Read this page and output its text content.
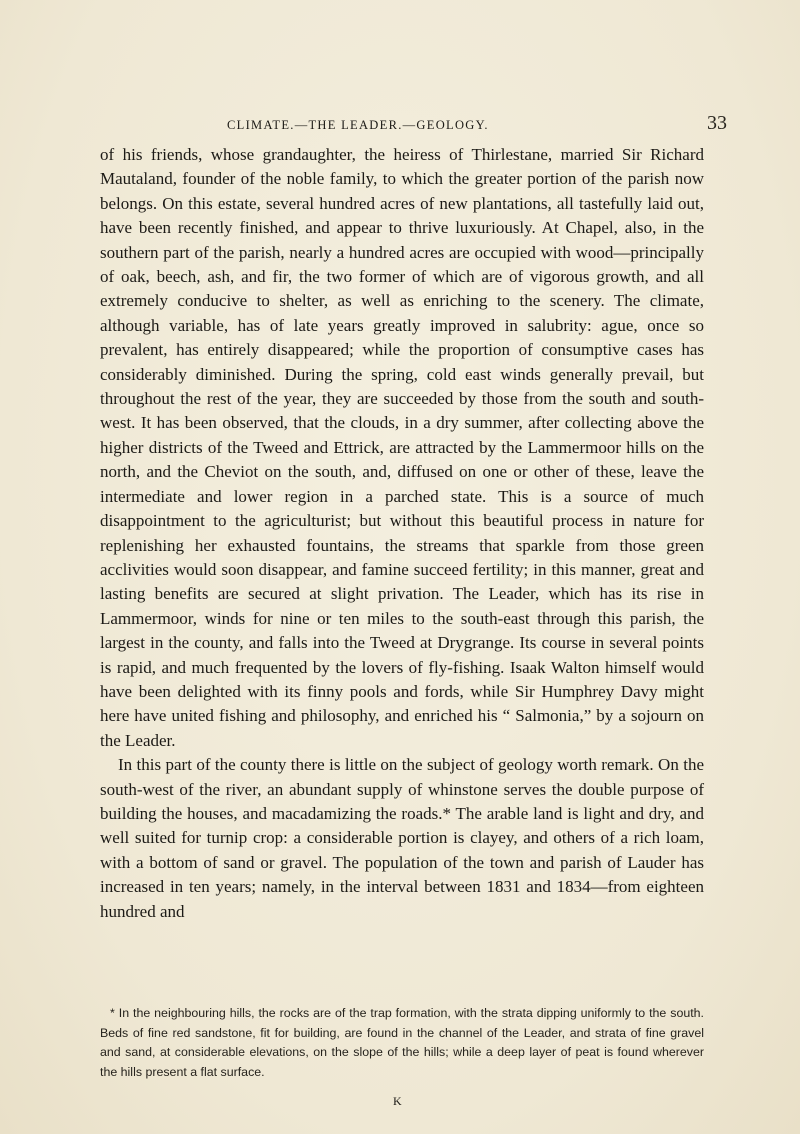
CLIMATE.—THE LEADER.—GEOLOGY.	33

of his friends, whose grandaughter, the heiress of Thirlestane, married Sir Richard Mautaland, founder of the noble family, to which the greater portion of the parish now belongs. On this estate, several hundred acres of new plantations, all tastefully laid out, have been recently finished, and appear to thrive luxuriously. At Chapel, also, in the southern part of the parish, nearly a hundred acres are occupied with wood—principally of oak, beech, ash, and fir, the two former of which are of vigorous growth, and all extremely conducive to shelter, as well as enriching to the scenery. The climate, although variable, has of late years greatly improved in salubrity: ague, once so prevalent, has entirely disappeared; while the proportion of consumptive cases has considerably diminished. During the spring, cold east winds generally prevail, but throughout the rest of the year, they are succeeded by those from the south and south-west. It has been observed, that the clouds, in a dry summer, after collecting above the higher districts of the Tweed and Ettrick, are attracted by the Lammermoor hills on the north, and the Cheviot on the south, and, diffused on one or other of these, leave the intermediate and lower region in a parched state. This is a source of much disappointment to the agriculturist; but without this beautiful process in nature for replenishing her exhausted fountains, the streams that sparkle from those green acclivities would soon disappear, and famine succeed fertility; in this manner, great and lasting benefits are secured at slight privation. The Leader, which has its rise in Lammermoor, winds for nine or ten miles to the south-east through this parish, the largest in the county, and falls into the Tweed at Drygrange. Its course in several points is rapid, and much frequented by the lovers of fly-fishing. Isaak Walton himself would have been delighted with its finny pools and fords, while Sir Humphrey Davy might here have united fishing and philosophy, and enriched his “ Salmonia,” by a sojourn on the Leader.

In this part of the county there is little on the subject of geology worth remark. On the south-west of the river, an abundant supply of whinstone serves the double purpose of building the houses, and macadamizing the roads.* The arable land is light and dry, and well suited for turnip crop: a considerable portion is clayey, and others of a rich loam, with a bottom of sand or gravel. The population of the town and parish of Lauder has increased in ten years; namely, in the interval between 1831 and 1834—from eighteen hundred and

* In the neighbouring hills, the rocks are of the trap formation, with the strata dipping uniformly to the south. Beds of fine red sandstone, fit for building, are found in the channel of the Leader, and strata of fine gravel and sand, at considerable elevations, on the slope of the hills; while a deep layer of peat is found wherever the hills present a flat surface.

K
